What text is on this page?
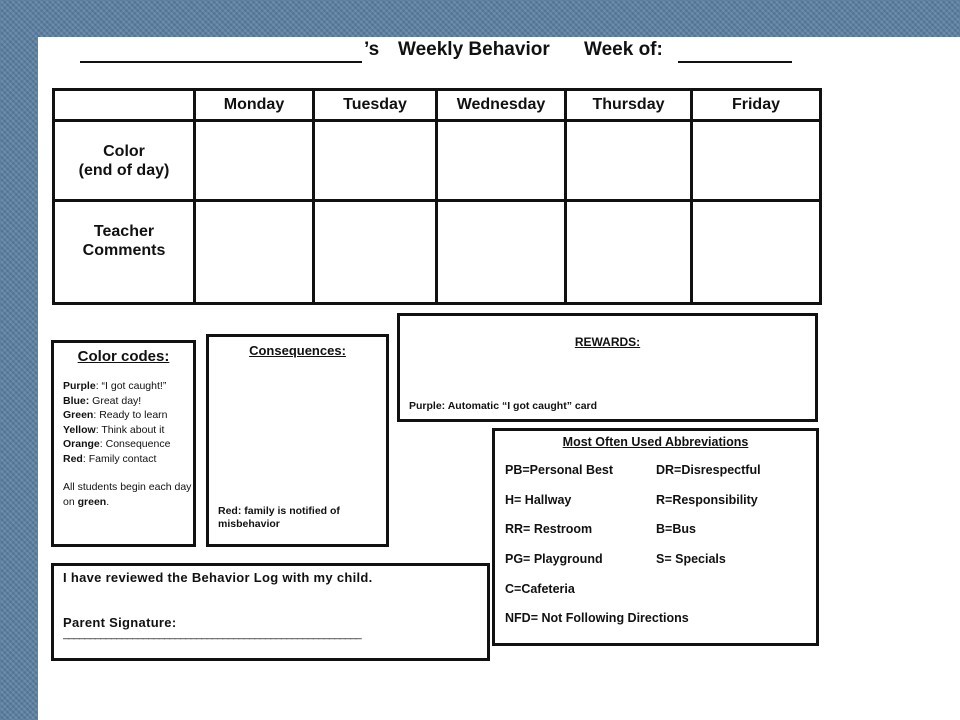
’s Weekly Behavior Week of:
	Monday	Tuesday	Wednesday	Thursday	Friday
Color
(end of day)					
Teacher
Comments					
Color codes:
Purple: “I got caught!”
Blue: Great day!
Green: Ready to learn
Yellow: Think about it
Orange: Consequence
Red: Family contact
All students begin each day on green.
Consequences:
Red: family is notified of misbehavior
REWARDS:
Purple: Automatic “I got caught” card
Most Often Used Abbreviations
PB=Personal Best	DR=Disrespectful
H= Hallway	R=Responsibility
RR= Restroom	B=Bus
PG= Playground	S= Specials
C=Cafeteria
NFD= Not Following Directions
I have reviewed the Behavior Log with my child.
Parent Signature:
________________________________________________________
